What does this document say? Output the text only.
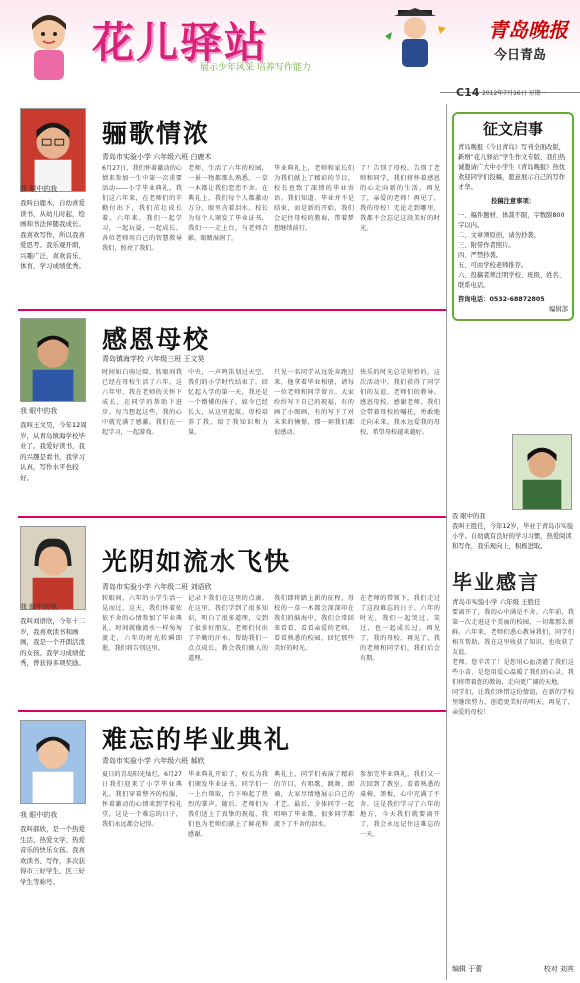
花儿驿站
展示少年风采 培养写作能力
青岛晚报
今日青岛
C14 2012年7月16日 星期一
我 眼中的我
我叫白鹿木，自幼喜爱读书，从幼儿时起，绘画和书法伴随我成长。我喜欢写作，所以我喜爱思考。我乐观开朗，兴趣广泛，喜欢音乐、体育，学习成绩优秀。
骊歌情浓
青岛市实验小学 六年级六班 白鹿木
6月27日，我们怀着激动的心情来参加一生中第一次重要活动——小学毕业典礼。我们这六年来，在老师们的辛勤付出下，我们茁壮成长着。六年来，我们一起学习，一起玩耍，一起成长。各位老师用自己的智慧教导我们，照亮了我们。
老师，生活了六年的校园，一景一物都那么熟悉。一草一木都让我们恋恋不舍。在典礼上，我们每个人都激动万分，眼里含着泪水。校长为每个人颁发了毕业证书，我们一一走上台，与老师合影，眼睛湿润了。
毕业典礼上，老师和家长们为我们献上了精彩的节目，校长也致了深情的毕业寄语。我们知道，毕业并不是结束，而是新的开始，我们会记住母校的教诲，带着梦想继续前行。
了！告别了母校，告别了老师和同学，我们将怀着感恩的心走向新的生活。再见了，亲爱的老师！再见了，我的母校！无论走到哪里，我都不会忘记这段美好的时光。
我 眼中的我
我叫王文昊，今年12周岁，从青岛镇海学校毕业了。我爱好读书，我的兴趣是看书，我学习认真，写作水平也较好。
感恩母校
青岛镇海学校 六年级三班 王文昊
时间如白驹过隙，转眼间我已经在母校生活了六年。这六年里，我在老师的关怀下成长，在同学的帮助下进步。每当想起这些，我的心中就充满了感激。我们在一起学习，一起游戏。
中央，一声鸣笛划过天空，我们的小学时代结束了。回忆起入学的第一天，我还是一个懵懂的孩子，如今已经长大，从这里起航。母校培养了我，给了我知识和力量。
只见一名同学从远处奔跑过来，他拿着毕业相册，请每一位老师和同学留言。大家纷纷写下自己的祝福，有的画了小图画，有的写下了对未来的憧憬，那一刻我们都很感动。
快乐的时光总是短暂的，这次活动中，我们获得了同学们的友谊、老师们的教导。感恩母校，感谢老师，我们会带着母校的嘱托，勇敢地走向未来。我永远爱我的母校，希望母校越来越好。
我 眼中的我
我叫刘语欣，今年十二岁，我喜欢读书和画画，我是一个开朗活泼的女孩。我学习成绩优秀，曾获得多项奖励。
光阴如流水飞快
青岛市实验小学 六年级二班 刘语欣
转眼间，六年的小学生活一晃而过，这天，我们怀着依依不舍的心情参加了毕业典礼。时间就像流水一样匆匆流走，六年的时光转瞬即逝，我们将告别这里。
记录下我们在这里的点滴。在这里，我们学到了很多知识，明白了很多道理，交到了很多好朋友，老师们付出了辛勤的汗水，帮助我们一点点成长，教会我们做人的道理。
我们即将踏上新的征程，母校的一草一木都会深深印在我们的脑海中，我们会常回来看看，看看亲爱的老师，看看熟悉的校园，回忆那些美好的时光。
在老师的带领下，我们走过了这段难忘的日子。六年的时光，我们一起哭过、笑过，也一起成长过。再见了，我的母校，再见了，我的老师和同学们，我们后会有期。
我 眼中的我
我叫郝欣，是一个热爱生活、热爱文学、热爱音乐的快乐女孩。我喜欢读书、写作，多次获得市三好学生、区三好学生等称号。
难忘的毕业典礼
青岛市实验小学 六年级六班 郝欣
夏日的青岛阳光灿烂，6月27日我们迎来了小学毕业典礼。我们穿着整齐的校服，怀着激动的心情来到学校礼堂，这是一个难忘的日子，我们永远都会记得。
毕业典礼开始了，校长为我们颁发毕业证书，同学们一一上台领取，台下响起了热烈的掌声。随后，老师们为我们送上了真挚的祝福，我们也为老师们献上了鲜花和感谢。
典礼上，同学们表演了精彩的节目，有唱歌、跳舞、朗诵，大家尽情地展示自己的才艺。最后，全体同学一起唱响了毕业歌，很多同学都流下了不舍的泪水。
参加完毕业典礼，我们又一次回到了教室，看着熟悉的桌椅、黑板，心中充满了不舍。这是我们学习了六年的地方，今天我们就要离开了，我会永远记住这难忘的一天。
征文启事
青岛晚报《今日青岛》写刊全面改版，新增“花儿驿站”学生作文专版，我们热诚邀请广大中小学生《青岛晚报》热忱欢迎同学们投稿，愿意展示自己的写作才华。
投稿注意事项：
一、稿件题材、体裁不限，字数限800字以内。
二、文章须原创，请勿抄袭。
三、附带作者照片。
四、严禁抄袭。
五、可由学校老师推荐。
六、投稿者须注明学校、班级、姓名、联系电话。
咨询电话：0532-68872805
编辑部
我 眼中的我
我叫王胜任，今年12岁，毕业于青岛市实验小学。自幼就有良好的学习习惯，热爱阅读和写作，我乐观向上，积极进取。
毕业感言
青岛市实验小学 六年级 王胜任

要离开了，我的心中满是不舍。六年前，我第一次走进这个美丽的校园，一切都那么新鲜。六年来，老师们悉心教导我们，同学们相互帮助，我在这里收获了知识，也收获了友谊。

老师，您辛苦了！是您用心血浇灌了我们这些小苗，是您用爱心温暖了我们的心灵。我们将带着您的教诲，走向更广阔的天地。

同学们，让我们珍惜这份情谊，在新的学校里继续努力，创造更美好的明天。再见了，亲爱的母校！

编辑 于蕾	校对 刘宾
